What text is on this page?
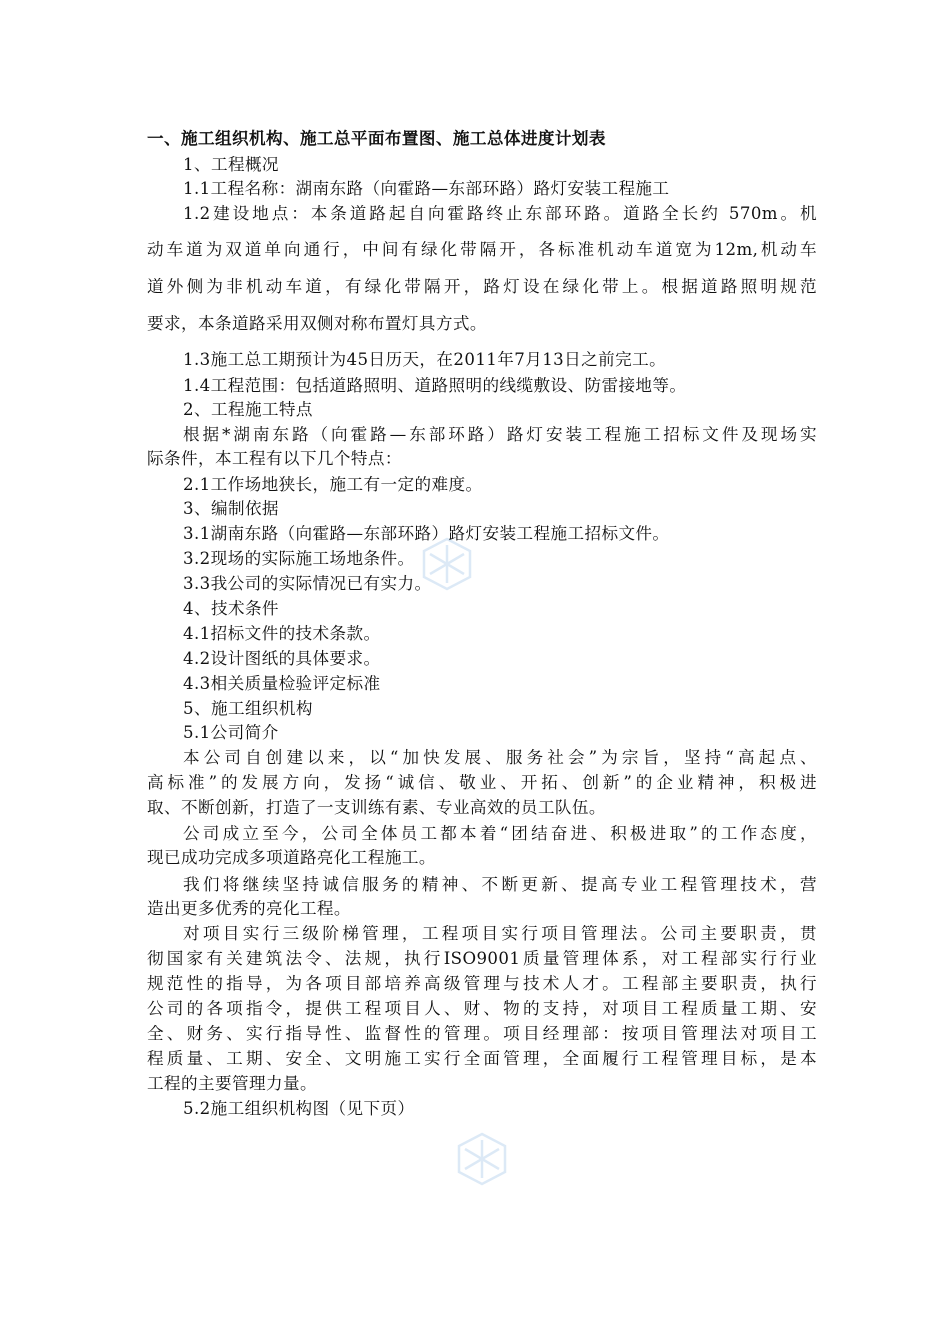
一、施工组织机构、施工总平面布置图、施工总体进度计划表

1、工程概况

1.1工程名称：湖南东路（向霍路—东部环路）路灯安装工程施工

1.2建设地点：本条道路起自向霍路终止东部环路。道路全长约 570m。机

动车道为双道单向通行，中间有绿化带隔开，各标准机动车道宽为12m,机动车

道外侧为非机动车道，有绿化带隔开，路灯设在绿化带上。根据道路照明规范

要求，本条道路采用双侧对称布置灯具方式。

1.3施工总工期预计为45日历天，在2011年7月13日之前完工。

1.4工程范围：包括道路照明、道路照明的线缆敷设、防雷接地等。

2、工程施工特点

根据*湖南东路（向霍路—东部环路）路灯安装工程施工招标文件及现场实

际条件，本工程有以下几个特点：

2.1工作场地狭长，施工有一定的难度。

3、编制依据

3.1湖南东路（向霍路—东部环路）路灯安装工程施工招标文件。

3.2现场的实际施工场地条件。

3.3我公司的实际情况已有实力。

4、技术条件

4.1招标文件的技术条款。

4.2设计图纸的具体要求。

4.3相关质量检验评定标准

5、施工组织机构

5.1公司简介

本公司自创建以来，以“加快发展、服务社会”为宗旨，坚持“高起点、

高标准”的发展方向，发扬“诚信、敬业、开拓、创新”的企业精神，积极进

取、不断创新，打造了一支训练有素、专业高效的员工队伍。

公司成立至今，公司全体员工都本着“团结奋进、积极进取”的工作态度，

现已成功完成多项道路亮化工程施工。

我们将继续坚持诚信服务的精神、不断更新、提高专业工程管理技术，营

造出更多优秀的亮化工程。

对项目实行三级阶梯管理，工程项目实行项目管理法。公司主要职责，贯

彻国家有关建筑法令、法规，执行ISO9001质量管理体系，对工程部实行行业

规范性的指导，为各项目部培养高级管理与技术人才。工程部主要职责，执行

公司的各项指令，提供工程项目人、财、物的支持，对项目工程质量工期、安

全、财务、实行指导性、监督性的管理。项目经理部：按项目管理法对项目工

程质量、工期、安全、文明施工实行全面管理，全面履行工程管理目标，是本

工程的主要管理力量。

5.2施工组织机构图（见下页）
